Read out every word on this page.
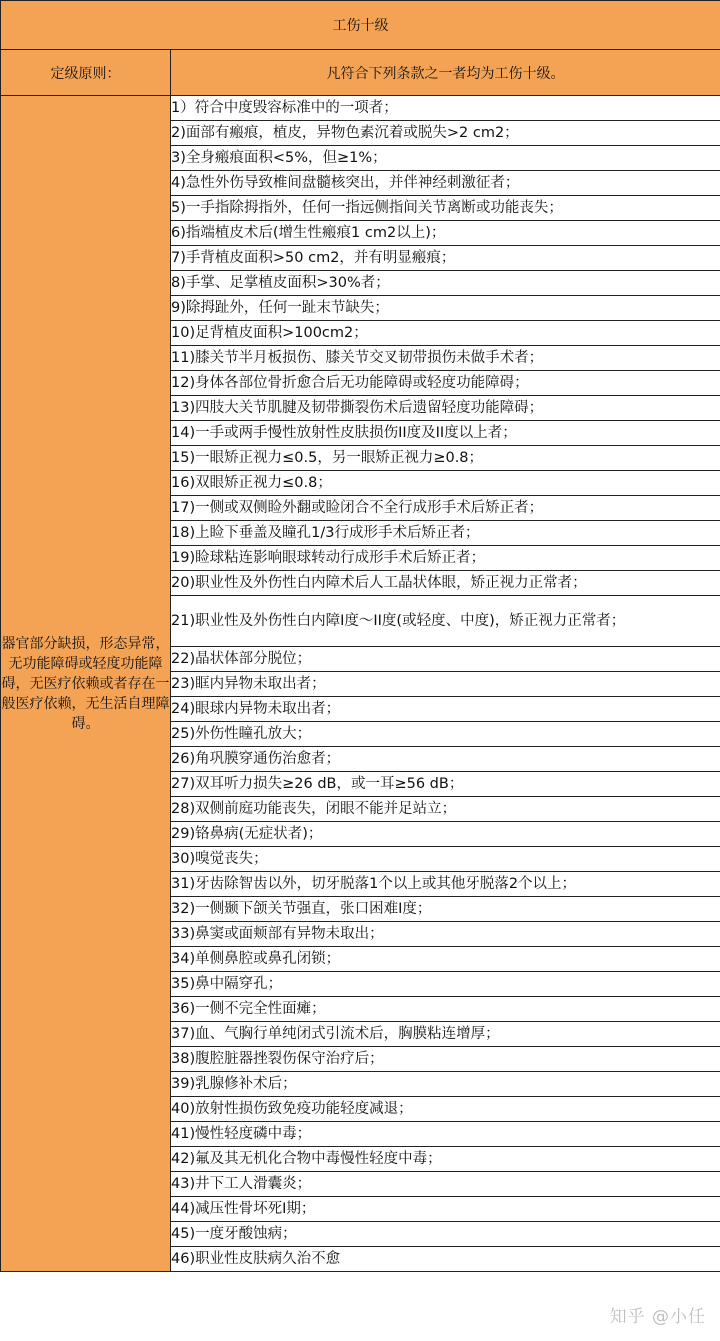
工伤十级	
定级原则：	凡符合下列条款之一者均为工伤十级。
器官部分缺损，形态异常，无功能障碍或轻度功能障碍，无医疗依赖或者存在一般医疗依赖，无生活自理障碍。	1）符合中度毁容标准中的一项者；
	2)面部有瘢痕，植皮，异物色素沉着或脱失>2 cm2；
	3)全身瘢痕面积<5%，但≥1%；
	4)急性外伤导致椎间盘髓核突出，并伴神经刺激征者；
	5)一手指除拇指外，任何一指远侧指间关节离断或功能丧失；
	6)指端植皮术后(增生性瘢痕1 cm2以上)；
	7)手背植皮面积>50 cm2，并有明显瘢痕；
	8)手掌、足掌植皮面积>30%者；
	9)除拇趾外，任何一趾末节缺失；
	10)足背植皮面积>100cm2；
	11)膝关节半月板损伤、膝关节交叉韧带损伤未做手术者；
	12)身体各部位骨折愈合后无功能障碍或轻度功能障碍；
	13)四肢大关节肌腱及韧带撕裂伤术后遗留轻度功能障碍；
	14)一手或两手慢性放射性皮肤损伤II度及II度以上者；
	15)一眼矫正视力≤0.5，另一眼矫正视力≥0.8；
	16)双眼矫正视力≤0.8；
	17)一侧或双侧睑外翻或睑闭合不全行成形手术后矫正者；
	18)上睑下垂盖及瞳孔1/3行成形手术后矫正者；
	19)睑球粘连影响眼球转动行成形手术后矫正者；
	20)职业性及外伤性白内障术后人工晶状体眼，矫正视力正常者；
	21)职业性及外伤性白内障I度～II度(或轻度、中度)，矫正视力正常者；
	22)晶状体部分脱位；
	23)眶内异物未取出者；
	24)眼球内异物未取出者；
	25)外伤性瞳孔放大；
	26)角巩膜穿通伤治愈者；
	27)双耳听力损失≥26 dB，或一耳≥56 dB；
	28)双侧前庭功能丧失，闭眼不能并足站立；
	29)铬鼻病(无症状者)；
	30)嗅觉丧失；
	31)牙齿除智齿以外，切牙脱落1个以上或其他牙脱落2个以上；
	32)一侧颞下颌关节强直，张口困难I度；
	33)鼻窦或面颊部有异物未取出；
	34)单侧鼻腔或鼻孔闭锁；
	35)鼻中隔穿孔；
	36)一侧不完全性面瘫；
	37)血、气胸行单纯闭式引流术后，胸膜粘连增厚；
	38)腹腔脏器挫裂伤保守治疗后；
	39)乳腺修补术后；
	40)放射性损伤致免疫功能轻度减退；
	41)慢性轻度磷中毒；
	42)氟及其无机化合物中毒慢性轻度中毒；
	43)井下工人滑囊炎；
	44)减压性骨坏死I期；
	45)一度牙酸蚀病；
	46)职业性皮肤病久治不愈
知乎 @小任
